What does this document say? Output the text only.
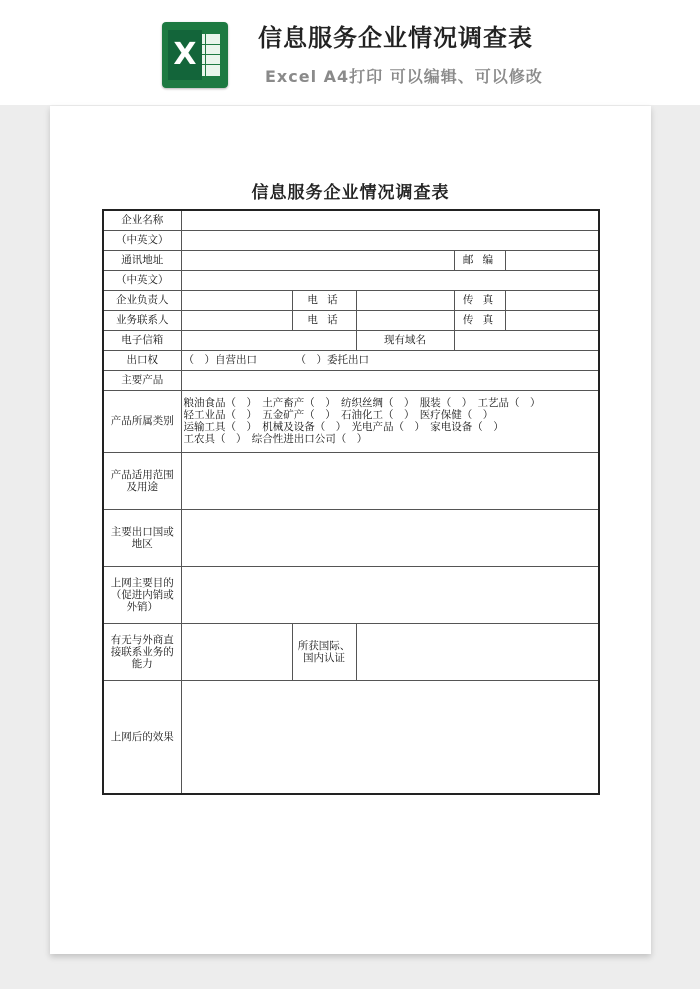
X	信息服务企业情况调查表
Excel A4打印 可以编辑、可以修改
信息服务企业情况调查表
企业名称					
（中英文）					
通讯地址				邮 编	
（中英文）					
企业负责人		电 话		传 真	
业务联系人		电 话		传 真	
电子信箱			现有域名		
出口权	（　）自营出口 （　）委托出口				
主要产品					
产品所属类别	粮油食品（　）　土产畜产（　）　纺织丝绸（　）　服装（　）　工艺品（　）
轻工业品（　）　五金矿产（　）　石油化工（　）　医疗保健（　）
运输工具（　）　机械及设备（　）　光电产品（　）　家电设备（　）
工农具（　）　综合性进出口公司（　）				

产品适用范围及用途					
主要出口国或地区					
上网主要目的（促进内销或外销）					
有无与外商直接联系业务的能力		所获国际、国内认证			
上网后的效果					
